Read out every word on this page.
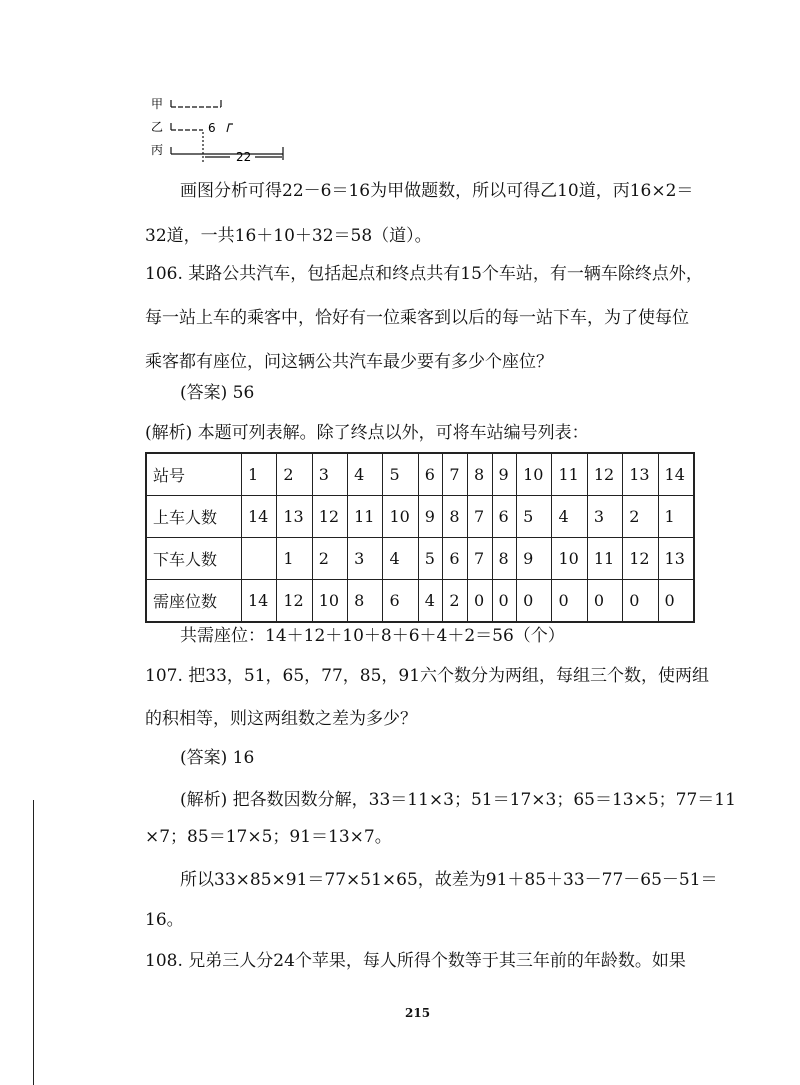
甲
乙
丙
6
22
画图分析可得22－6＝16为甲做题数，所以可得乙10道，丙16×2＝
32道，一共16＋10＋32＝58（道）。
106. 某路公共汽车，包括起点和终点共有15个车站，有一辆车除终点外，
每一站上车的乘客中，恰好有一位乘客到以后的每一站下车，为了使每位
乘客都有座位，问这辆公共汽车最少要有多少个座位？
(答案) 56
(解析) 本题可列表解。除了终点以外，可将车站编号列表：
站号	1	2	3	4	5	6	7	8	9	10	11	12	13	14
上车人数	14	13	12	11	10	9	8	7	6	5	4	3	2	1
下车人数		1	2	3	4	5	6	7	8	9	10	11	12	13
需座位数	14	12	10	8	6	4	2	0	0	0	0	0	0	0
共需座位：14＋12＋10＋8＋6＋4＋2＝56（个）
107. 把33，51，65，77，85，91六个数分为两组，每组三个数，使两组
的积相等，则这两组数之差为多少？
(答案) 16
(解析) 把各数因数分解，33＝11×3；51＝17×3；65＝13×5；77＝11
×7；85＝17×5；91＝13×7。
所以33×85×91＝77×51×65，故差为91＋85＋33－77－65－51＝
16。
108. 兄弟三人分24个苹果，每人所得个数等于其三年前的年龄数。如果
215
